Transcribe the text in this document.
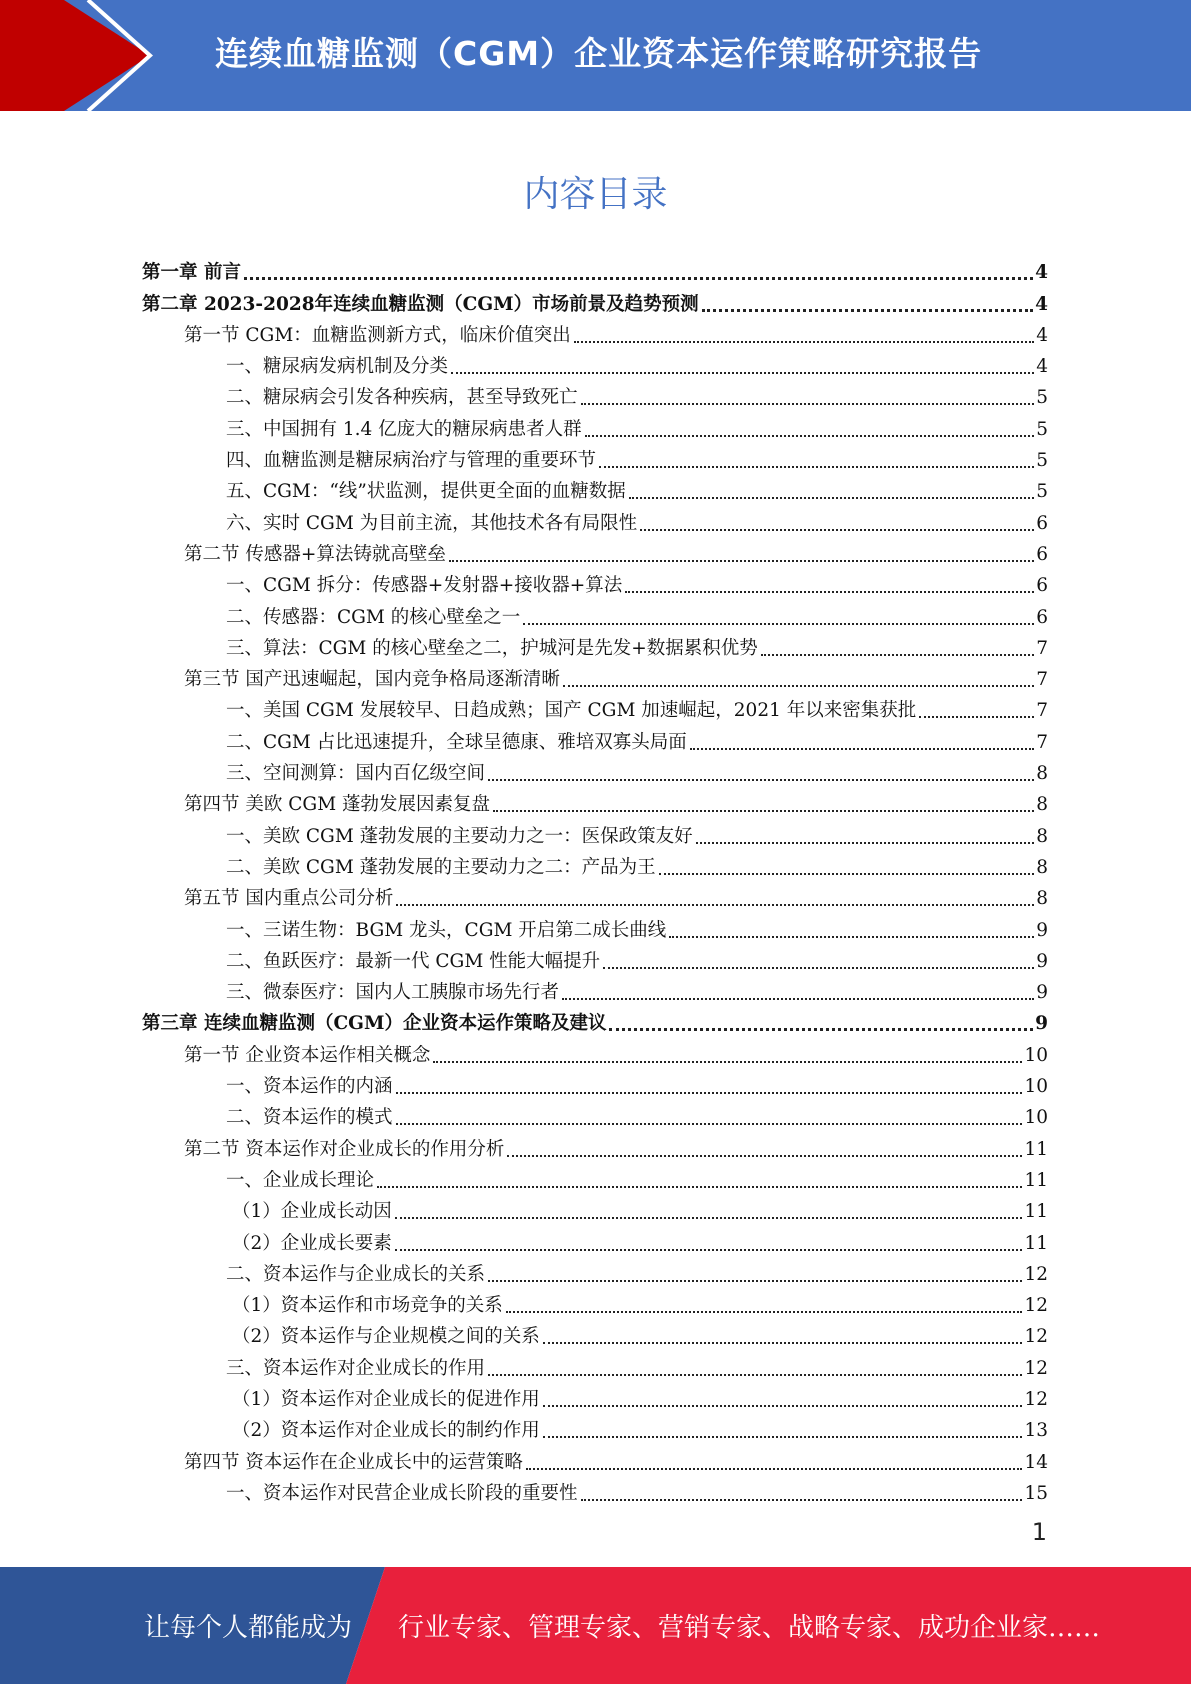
连续血糖监测（CGM）企业资本运作策略研究报告
内容目录
第一章 前言	4
第二章 2023-2028年连续血糖监测（CGM）市场前景及趋势预测	4
第一节 CGM：血糖监测新方式，临床价值突出	4
一、糖尿病发病机制及分类	4
二、糖尿病会引发各种疾病，甚至导致死亡	5
三、中国拥有 1.4 亿庞大的糖尿病患者人群	5
四、血糖监测是糖尿病治疗与管理的重要环节	5
五、CGM：“线”状监测，提供更全面的血糖数据	5
六、实时 CGM 为目前主流，其他技术各有局限性	6
第二节 传感器+算法铸就高壁垒	6
一、CGM 拆分：传感器+发射器+接收器+算法	6
二、传感器：CGM 的核心壁垒之一	6
三、算法：CGM 的核心壁垒之二，护城河是先发+数据累积优势	7
第三节 国产迅速崛起，国内竞争格局逐渐清晰	7
一、美国 CGM 发展较早、日趋成熟；国产 CGM 加速崛起，2021 年以来密集获批	7
二、CGM 占比迅速提升，全球呈德康、雅培双寡头局面	7
三、空间测算：国内百亿级空间	8
第四节 美欧 CGM 蓬勃发展因素复盘	8
一、美欧 CGM 蓬勃发展的主要动力之一：医保政策友好	8
二、美欧 CGM 蓬勃发展的主要动力之二：产品为王	8
第五节 国内重点公司分析	8
一、三诺生物：BGM 龙头，CGM 开启第二成长曲线	9
二、鱼跃医疗：最新一代 CGM 性能大幅提升	9
三、微泰医疗：国内人工胰腺市场先行者	9
第三章 连续血糖监测（CGM）企业资本运作策略及建议	9
第一节 企业资本运作相关概念	10
一、资本运作的内涵	10
二、资本运作的模式	10
第二节 资本运作对企业成长的作用分析	11
一、企业成长理论	11
（1）企业成长动因	11
（2）企业成长要素	11
二、资本运作与企业成长的关系	12
（1）资本运作和市场竞争的关系	12
（2）资本运作与企业规模之间的关系	12
三、资本运作对企业成长的作用	12
（1）资本运作对企业成长的促进作用	12
（2）资本运作对企业成长的制约作用	13
第四节 资本运作在企业成长中的运营策略	14
一、资本运作对民营企业成长阶段的重要性	15
1
让每个人都能成为 行业专家、管理专家、营销专家、战略专家、成功企业家……
